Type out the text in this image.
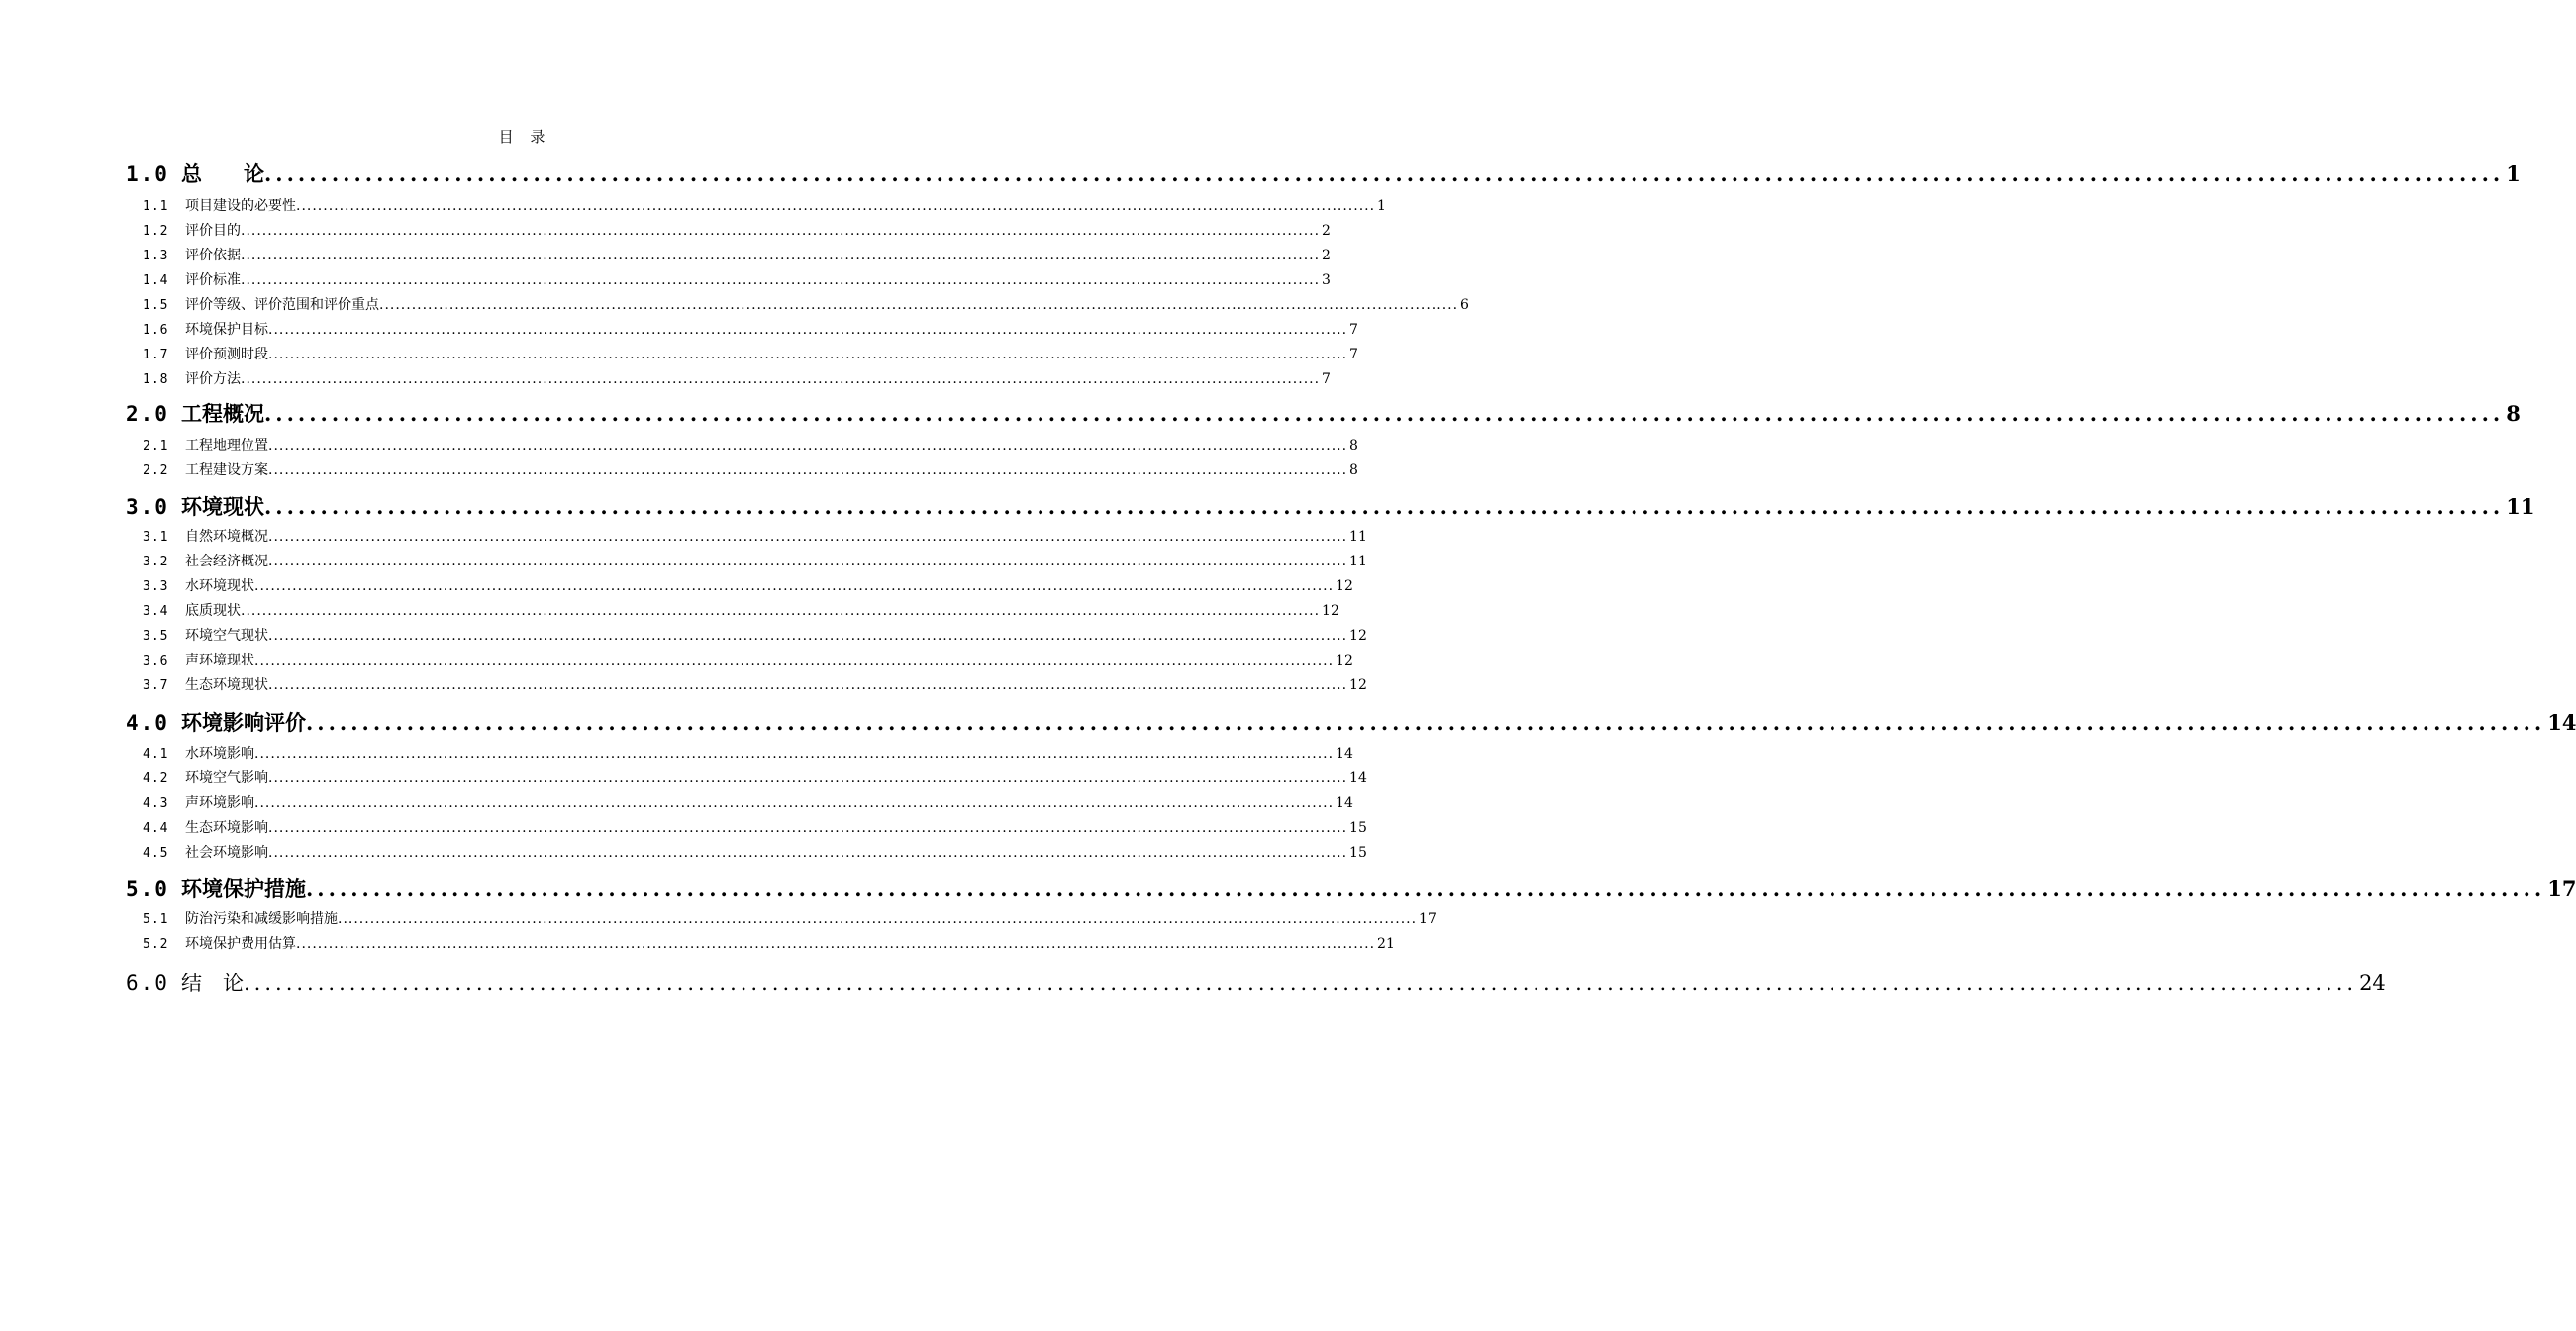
目 录
1.0 总　　论 ........................................................................................................................................................................................................ 1
1.1	项目建设的必要性 ........................................................................................................................................................................................................ 1
1.2	评价目的 ........................................................................................................................................................................................................ 2
1.3	评价依据 ........................................................................................................................................................................................................ 2
1.4	评价标准 ........................................................................................................................................................................................................ 3
1.5	评价等级、评价范围和评价重点 ........................................................................................................................................................................................................ 6
1.6	环境保护目标 ........................................................................................................................................................................................................ 7
1.7	评价预测时段 ........................................................................................................................................................................................................ 7
1.8	评价方法 ........................................................................................................................................................................................................ 7
2.0 工程概况 ........................................................................................................................................................................................................ 8
2.1	工程地理位置 ........................................................................................................................................................................................................ 8
2.2	工程建设方案 ........................................................................................................................................................................................................ 8
3.0 环境现状 ........................................................................................................................................................................................................ 11
3.1	自然环境概况 ........................................................................................................................................................................................................ 11
3.2	社会经济概况 ........................................................................................................................................................................................................ 11
3.3	水环境现状 ........................................................................................................................................................................................................ 12
3.4	底质现状 ........................................................................................................................................................................................................ 12
3.5	环境空气现状 ........................................................................................................................................................................................................ 12
3.6	声环境现状 ........................................................................................................................................................................................................ 12
3.7	生态环境现状 ........................................................................................................................................................................................................ 12
4.0 环境影响评价 ........................................................................................................................................................................................................ 14
4.1	水环境影响 ........................................................................................................................................................................................................ 14
4.2	环境空气影响 ........................................................................................................................................................................................................ 14
4.3	声环境影响 ........................................................................................................................................................................................................ 14
4.4	生态环境影响 ........................................................................................................................................................................................................ 15
4.5	社会环境影响 ........................................................................................................................................................................................................ 15
5.0 环境保护措施 ........................................................................................................................................................................................................ 17
5.1	防治污染和减缓影响措施 ........................................................................................................................................................................................................ 17
5.2	环境保护费用估算 ........................................................................................................................................................................................................ 21
6.0 结　论 ........................................................................................................................................................................................................ 24
